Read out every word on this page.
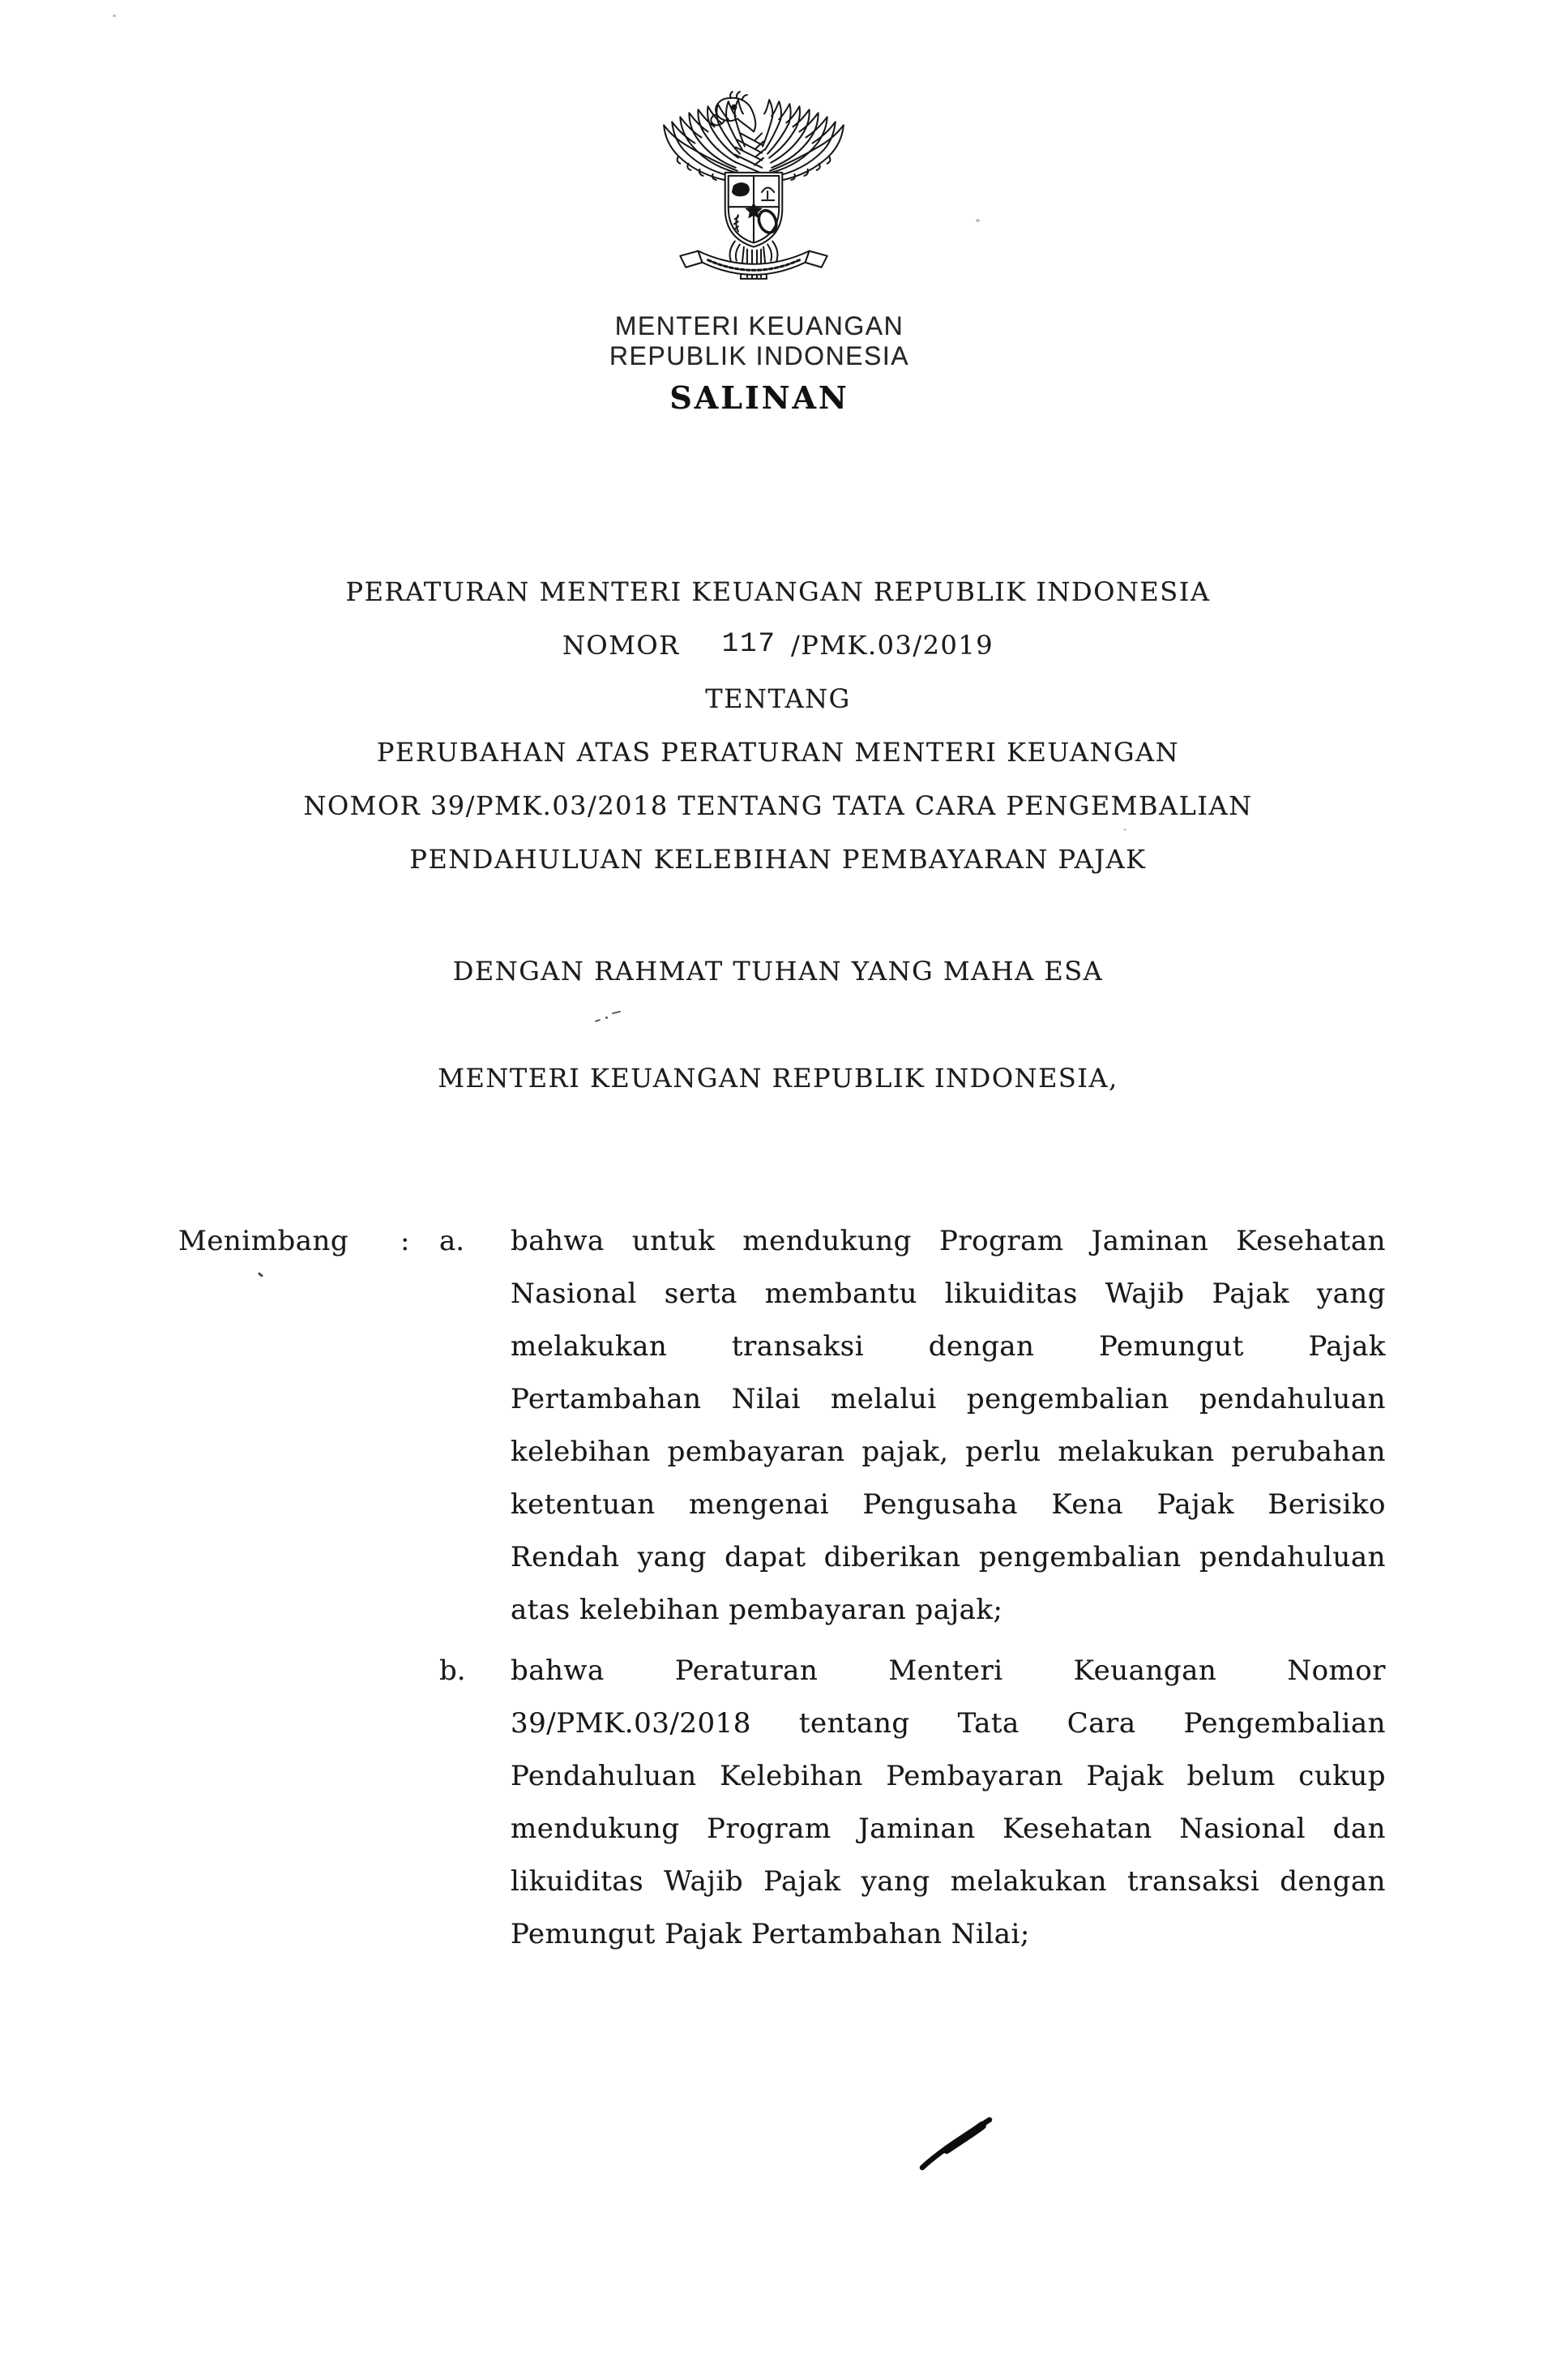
MENTERI KEUANGAN
REPUBLIK INDONESIA
SALINAN
PERATURAN MENTERI KEUANGAN REPUBLIK INDONESIA
NOMOR 117 /PMK.03/2019
TENTANG
PERUBAHAN ATAS PERATURAN MENTERI KEUANGAN
NOMOR 39/PMK.03/2018 TENTANG TATA CARA PENGEMBALIAN
PENDAHULUAN KELEBIHAN PEMBAYARAN PAJAK
DENGAN RAHMAT TUHAN YANG MAHA ESA
MENTERI KEUANGAN REPUBLIK INDONESIA,
Menimbang : a. bahwa untuk mendukung Program Jaminan Kesehatan
Nasional serta membantu likuiditas Wajib Pajak yang
melakukan transaksi dengan Pemungut Pajak
Pertambahan Nilai melalui pengembalian pendahuluan
kelebihan pembayaran pajak, perlu melakukan perubahan
ketentuan mengenai Pengusaha Kena Pajak Berisiko
Rendah yang dapat diberikan pengembalian pendahuluan
atas kelebihan pembayaran pajak;
b. bahwa Peraturan Menteri Keuangan Nomor
39/PMK.03/2018 tentang Tata Cara Pengembalian
Pendahuluan Kelebihan Pembayaran Pajak belum cukup
mendukung Program Jaminan Kesehatan Nasional dan
likuiditas Wajib Pajak yang melakukan transaksi dengan
Pemungut Pajak Pertambahan Nilai;
